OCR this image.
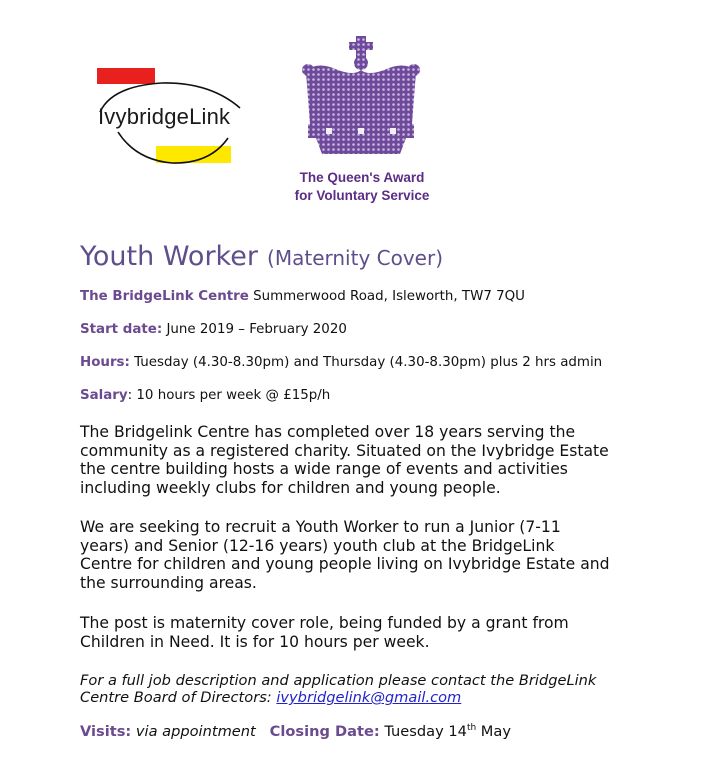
IvybridgeLink
The Queen's Award
for Voluntary Service
Youth Worker (Maternity Cover)
The BridgeLink Centre Summerwood Road, Isleworth, TW7 7QU
Start date: June 2019 – February 2020
Hours: Tuesday (4.30-8.30pm) and Thursday (4.30-8.30pm) plus 2 hrs admin
Salary: 10 hours per week @ £15p/h
The Bridgelink Centre has completed over 18 years serving the
community as a registered charity. Situated on the Ivybridge Estate
the centre building hosts a wide range of events and activities
including weekly clubs for children and young people.
We are seeking to recruit a Youth Worker to run a Junior (7-11
years) and Senior (12-16 years) youth club at the BridgeLink
Centre for children and young people living on Ivybridge Estate and
the surrounding areas.
The post is maternity cover role, being funded by a grant from
Children in Need. It is for 10 hours per week.
For a full job description and application please contact the BridgeLink Centre Board of Directors: ivybridgelink@gmail.com
Visits: via appointment Closing Date: Tuesday 14th May
